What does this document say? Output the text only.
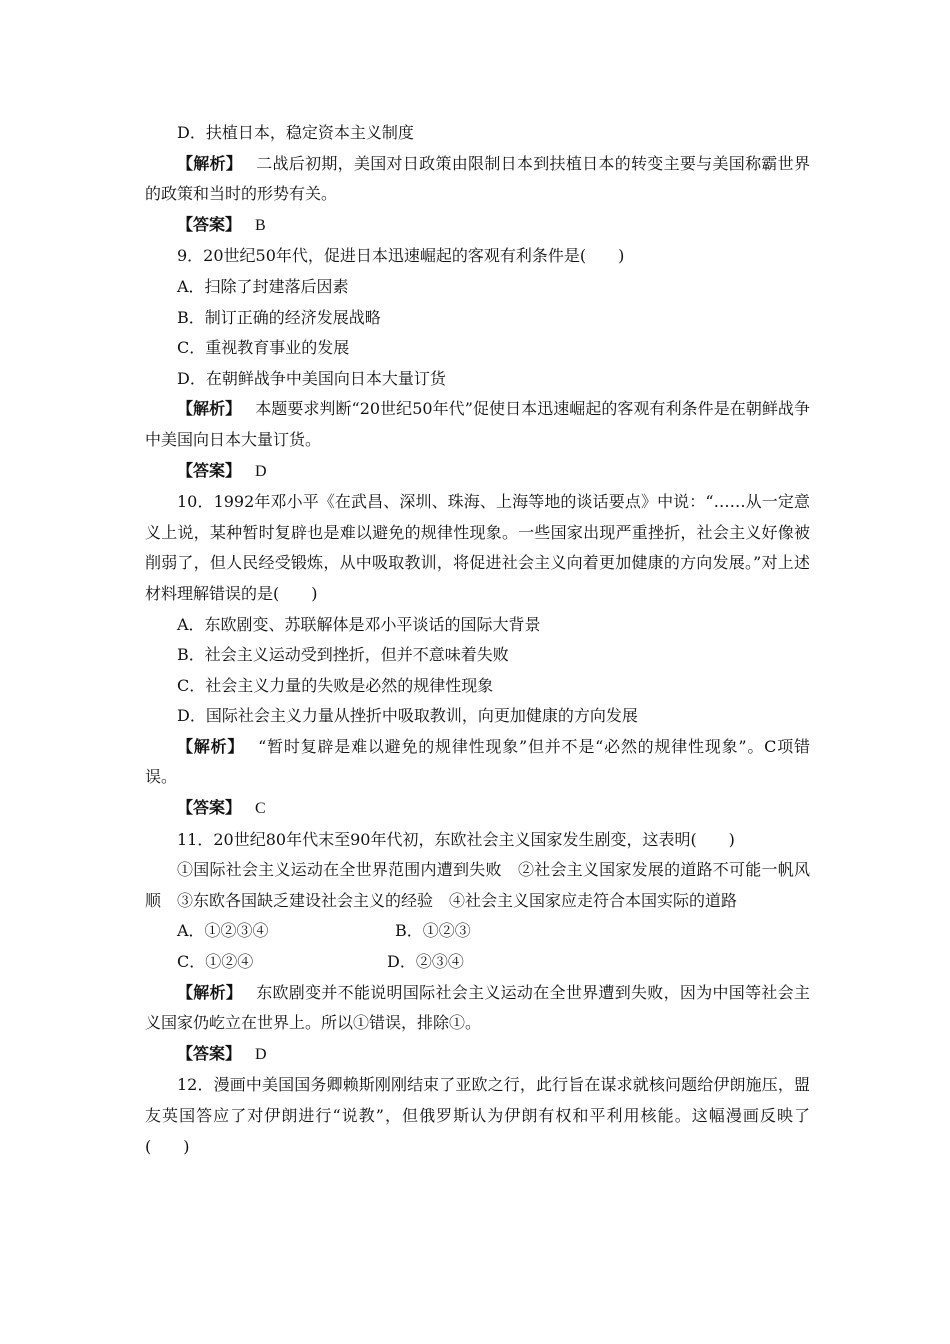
D．扶植日本，稳定资本主义制度

【解析】 二战后初期，美国对日政策由限制日本到扶植日本的转变主要与美国称霸世界的政策和当时的形势有关。

【答案】 B

9．20世纪50年代，促进日本迅速崛起的客观有利条件是(　　)

A．扫除了封建落后因素

B．制订正确的经济发展战略

C．重视教育事业的发展

D．在朝鲜战争中美国向日本大量订货

【解析】 本题要求判断“20世纪50年代”促使日本迅速崛起的客观有利条件是在朝鲜战争中美国向日本大量订货。

【答案】 D

10．1992年邓小平《在武昌、深圳、珠海、上海等地的谈话要点》中说：“……从一定意义上说，某种暂时复辟也是难以避免的规律性现象。一些国家出现严重挫折，社会主义好像被削弱了，但人民经受锻炼，从中吸取教训，将促进社会主义向着更加健康的方向发展。”对上述材料理解错误的是(　　)

A．东欧剧变、苏联解体是邓小平谈话的国际大背景

B．社会主义运动受到挫折，但并不意味着失败

C．社会主义力量的失败是必然的规律性现象

D．国际社会主义力量从挫折中吸取教训，向更加健康的方向发展

【解析】 “暂时复辟是难以避免的规律性现象”但并不是“必然的规律性现象”。C项错误。

【答案】 C

11．20世纪80年代末至90年代初，东欧社会主义国家发生剧变，这表明(　　)

①国际社会主义运动在全世界范围内遭到失败　②社会主义国家发展的道路不可能一帆风顺　③东欧各国缺乏建设社会主义的经验　④社会主义国家应走符合本国实际的道路

A．①②③④	B．①②③
C．①②④	D．②③④

【解析】 东欧剧变并不能说明国际社会主义运动在全世界遭到失败，因为中国等社会主义国家仍屹立在世界上。所以①错误，排除①。

【答案】 D

12．漫画中美国国务卿赖斯刚刚结束了亚欧之行，此行旨在谋求就核问题给伊朗施压，盟友英国答应了对伊朗进行“说教”，但俄罗斯认为伊朗有权和平利用核能。这幅漫画反映了(　　)
